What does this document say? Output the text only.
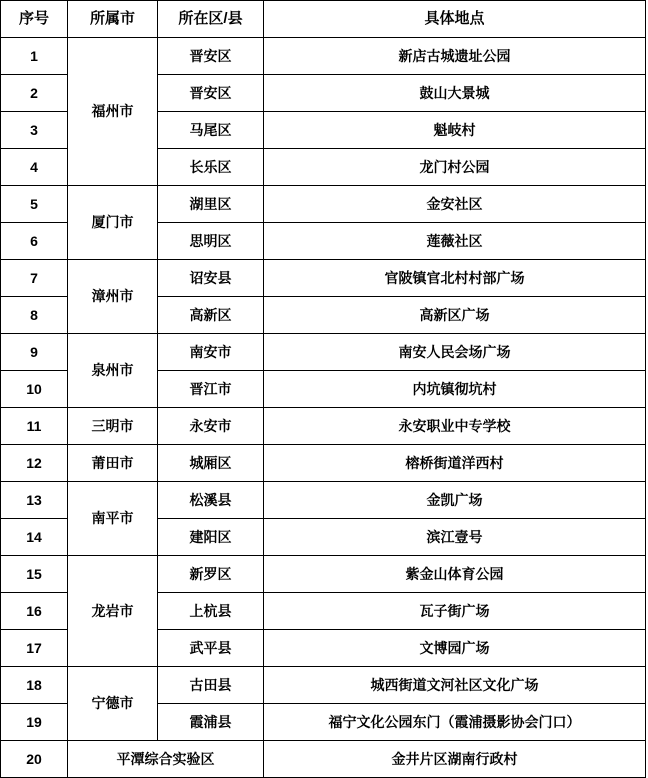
序号	所属市	所在区/县	具体地点
1	福州市	晋安区	新店古城遗址公园
2		晋安区	鼓山大景城
3		马尾区	魁岐村
4		长乐区	龙门村公园
5	厦门市	湖里区	金安社区
6		思明区	莲薇社区
7	漳州市	诏安县	官陂镇官北村村部广场
8		高新区	高新区广场
9	泉州市	南安市	南安人民会场广场
10		晋江市	内坑镇彻坑村
11	三明市	永安市	永安职业中专学校
12	莆田市	城厢区	榕桥街道洋西村
13	南平市	松溪县	金凯广场
14		建阳区	滨江壹号
15	龙岩市	新罗区	紫金山体育公园
16		上杭县	瓦子街广场
17		武平县	文博园广场
18	宁德市	古田县	城西街道文河社区文化广场
19		霞浦县	福宁文化公园东门（霞浦摄影协会门口）
20	平潭综合实验区		金井片区湖南行政村
